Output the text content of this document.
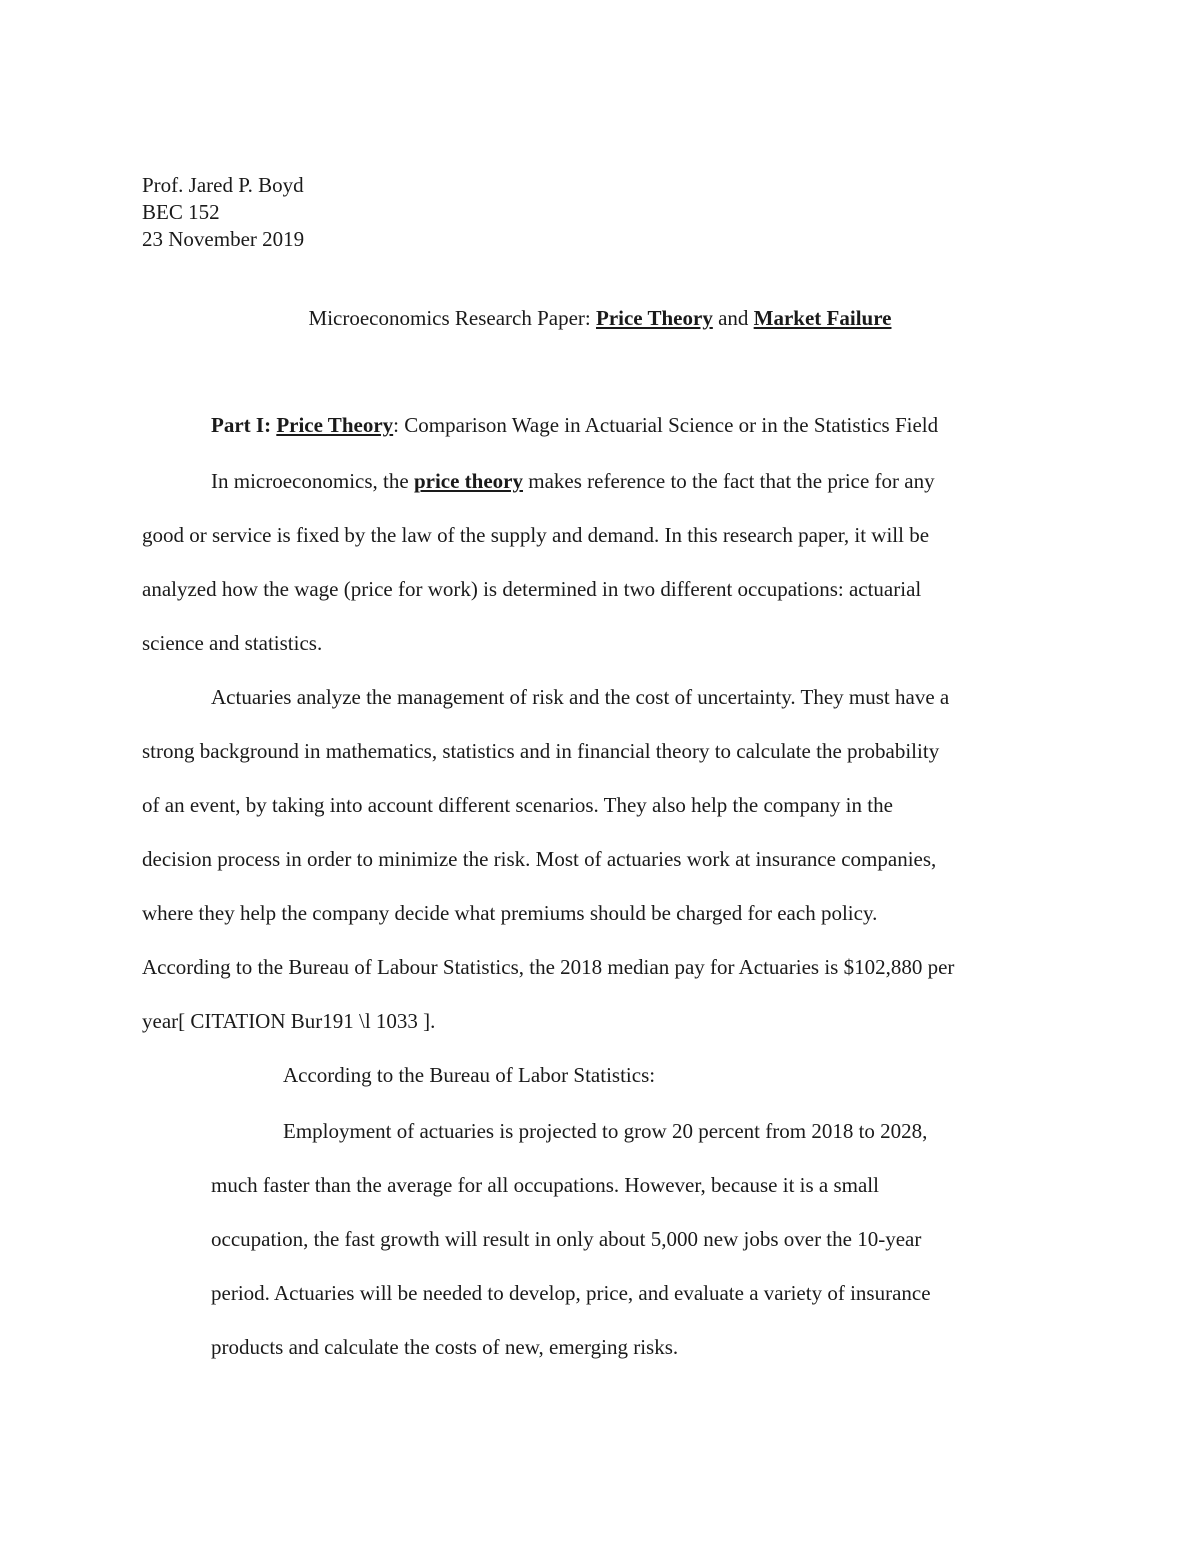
Prof. Jared P. Boyd
BEC 152
23 November 2019
Microeconomics Research Paper: Price Theory and Market Failure
Part I: Price Theory: Comparison Wage in Actuarial Science or in the Statistics Field
In microeconomics, the price theory makes reference to the fact that the price for any
good or service is fixed by the law of the supply and demand. In this research paper, it will be
analyzed how the wage (price for work) is determined in two different occupations: actuarial
science and statistics.
Actuaries analyze the management of risk and the cost of uncertainty. They must have a
strong background in mathematics, statistics and in financial theory to calculate the probability
of an event, by taking into account different scenarios. They also help the company in the
decision process in order to minimize the risk. Most of actuaries work at insurance companies,
where they help the company decide what premiums should be charged for each policy.
According to the Bureau of Labour Statistics, the 2018 median pay for Actuaries is $102,880 per
year[ CITATION Bur191 \l 1033 ].
According to the Bureau of Labor Statistics:
Employment of actuaries is projected to grow 20 percent from 2018 to 2028,
much faster than the average for all occupations. However, because it is a small
occupation, the fast growth will result in only about 5,000 new jobs over the 10-year
period. Actuaries will be needed to develop, price, and evaluate a variety of insurance
products and calculate the costs of new, emerging risks.
